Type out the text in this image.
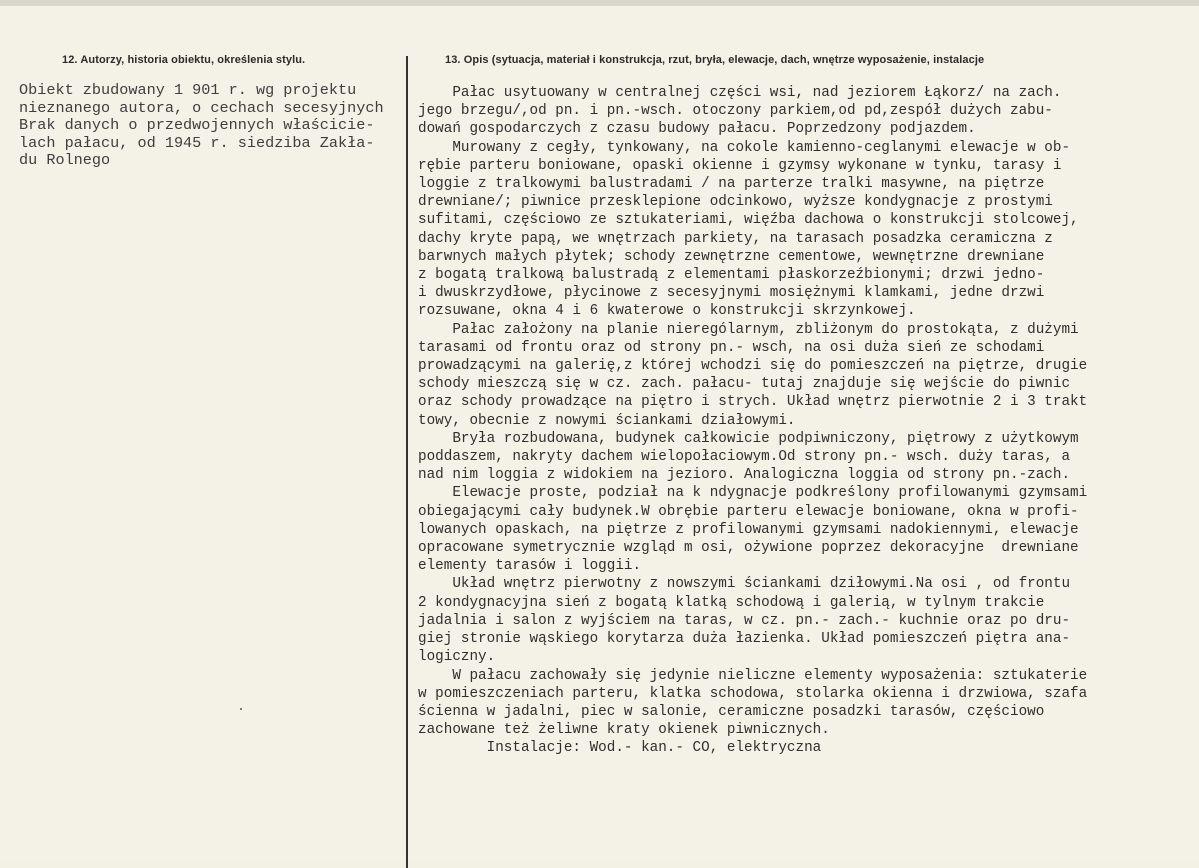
12. Autorzy, historia obiektu, określenia stylu.	13. Opis (sytuacja, materiał i konstrukcja, rzut, bryła, elewacje, dach, wnętrze wyposażenie, instalacje
Obiekt zbudowany 1 901 r. wg projektu
nieznanego autora, o cechach secesyjnych
Brak danych o przedwojennych właścicie-
lach pałacu, od 1945 r. siedziba Zakła-
du Rolnego
Pałac usytuowany w centralnej części wsi, nad jeziorem Łąkorz/ na zach.
jego brzegu/,od pn. i pn.-wsch. otoczony parkiem,od pd,zespół dużych zabu-
dowań gospodarczych z czasu budowy pałacu. Poprzedzony podjazdem.
Murowany z cegły, tynkowany, na cokole kamienno-ceglanymi elewacje w ob-
rębie parteru boniowane, opaski okienne i gzymsy wykonane w tynku, tarasy i
loggie z tralkowymi balustradami / na parterze tralki masywne, na piętrze
drewniane/; piwnice przesklepione odcinkowo, wyższe kondygnacje z prostymi
sufitami, częściowo ze sztukateriami, więźba dachowa o konstrukcji stolcowej,
dachy kryte papą, we wnętrzach parkiety, na tarasach posadzka ceramiczna z
barwnych małych płytek; schody zewnętrzne cementowe, wewnętrzne drewniane
z bogatą tralkową balustradą z elementami płaskorzeźbionymi; drzwi jedno-
i dwuskrzydłowe, płycinowe z secesyjnymi mosiężnymi klamkami, jedne drzwi
rozsuwane, okna 4 i 6 kwaterowe o konstrukcji skrzynkowej.
Pałac założony na planie nierególarnym, zbliżonym do prostokąta, z dużymi
tarasami od frontu oraz od strony pn.- wsch, na osi duża sień ze schodami
prowadzącymi na galerię,z której wchodzi się do pomieszczeń na piętrze, drugie
schody mieszczą się w cz. zach. pałacu- tutaj znajduje się wejście do piwnic
oraz schody prowadzące na piętro i strych. Układ wnętrz pierwotnie 2 i 3 trakt
towy, obecnie z nowymi ściankami działowymi.
Bryła rozbudowana, budynek całkowicie podpiwniczony, piętrowy z użytkowym
poddaszem, nakryty dachem wielopołaciowym.Od strony pn.- wsch. duży taras, a
nad nim loggia z widokiem na jezioro. Analogiczna loggia od strony pn.-zach.
Elewacje proste, podział na k ndygnacje podkreślony profilowanymi gzymsami
obiegającymi cały budynek.W obrębie parteru elewacje boniowane, okna w profi-
lowanych opaskach, na piętrze z profilowanymi gzymsami nadokiennymi, elewacje
opracowane symetrycznie wzgląd m osi, ożywione poprzez dekoracyjne  drewniane
elementy tarasów i loggii.
Układ wnętrz pierwotny z nowszymi ściankami dziłowymi.Na osi , od frontu
2 kondygnacyjna sień z bogatą klatką schodową i galerią, w tylnym trakcie
jadalnia i salon z wyjściem na taras, w cz. pn.- zach.- kuchnie oraz po dru-
giej stronie wąskiego korytarza duża łazienka. Układ pomieszczeń piętra ana-
logiczny.
W pałacu zachowały się jedynie nieliczne elementy wyposażenia: sztukaterie
w pomieszczeniach parteru, klatka schodowa, stolarka okienna i drzwiowa, szafa
ścienna w jadalni, piec w salonie, ceramiczne posadzki tarasów, częściowo
zachowane też żeliwne kraty okienek piwnicznych.
Instalacje: Wod.- kan.- CO, elektryczna
